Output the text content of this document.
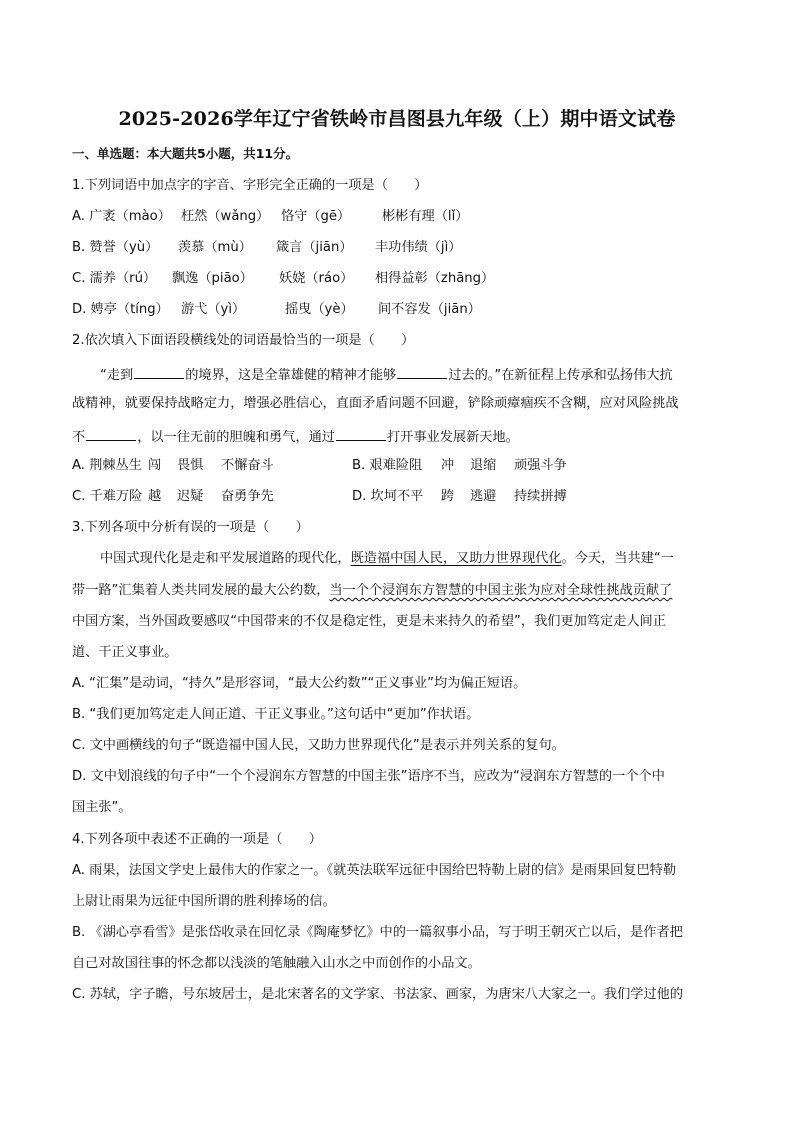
2025-2026学年辽宁省铁岭市昌图县九年级（上）期中语文试卷
一、单选题：本大题共5小题，共11分。
1.下列词语中加点字的字音、字形完全正确的一项是（　　）
A. 广袤（mào） 枉然（wǎng） 恪守（gē） 彬彬有理（lǐ）
B. 赞誉（yù） 羡慕（mù） 箴言（jiān） 丰功伟绩（jì）
C. 濡养（rú） 飘逸（piāo） 妖娆（ráo） 相得益彰（zhāng）
D. 娉亭（tíng） 游弋（yì）	摇曳（yè） 间不容发（jiān）
2.依次填入下面语段横线处的词语最恰当的一项是（　　）
“走到	的境界，这是全靠雄健的精神才能够	过去的。”在新征程上传承和弘扬伟大抗
战精神，就要保持战略定力，增强必胜信心，直面矛盾问题不回避，铲除顽瘴痼疾不含糊，应对风险挑战
不	，以一往无前的胆魄和勇气，通过	打开事业发展新天地。
A. 荆棘丛生 闯 畏惧 不懈奋斗	B. 艰难险阻 冲 退缩 顽强斗争
C. 千难万险 越 迟疑 奋勇争先	D. 坎坷不平 跨 逃避 持续拼搏
3.下列各项中分析有误的一项是（　　）
中国式现代化是走和平发展道路的现代化，既造福中国人民，又助力世界现代化。今天，当共建“一
带一路”汇集着人类共同发展的最大公约数，当一个个浸润东方智慧的中国主张为应对全球性挑战贡献了
中国方案，当外国政要感叹“中国带来的不仅是稳定性，更是未来持久的希望”，我们更加笃定走人间正
道、干正义事业。
A. “汇集”是动词，“持久”是形容词，“最大公约数”“正义事业”均为偏正短语。
B. “我们更加笃定走人间正道、干正义事业。”这句话中“更加”作状语。
C. 文中画横线的句子“既造福中国人民，又助力世界现代化”是表示并列关系的复句。
D. 文中划浪线的句子中“一个个浸润东方智慧的中国主张”语序不当，应改为“浸润东方智慧的一个个中
国主张”。
4.下列各项中表述不正确的一项是（　　）
A. 雨果，法国文学史上最伟大的作家之一。《就英法联军远征中国给巴特勒上尉的信》是雨果回复巴特勒
上尉让雨果为远征中国所谓的胜利捧场的信。
B. 《湖心亭看雪》是张岱收录在回忆录《陶庵梦忆》中的一篇叙事小品，写于明王朝灭亡以后，是作者把
自己对故国往事的怀念都以浅淡的笔触融入山水之中而创作的小品文。
C. 苏轼，字子瞻，号东坡居士，是北宋著名的文学家、书法家、画家，为唐宋八大家之一。我们学过他的
